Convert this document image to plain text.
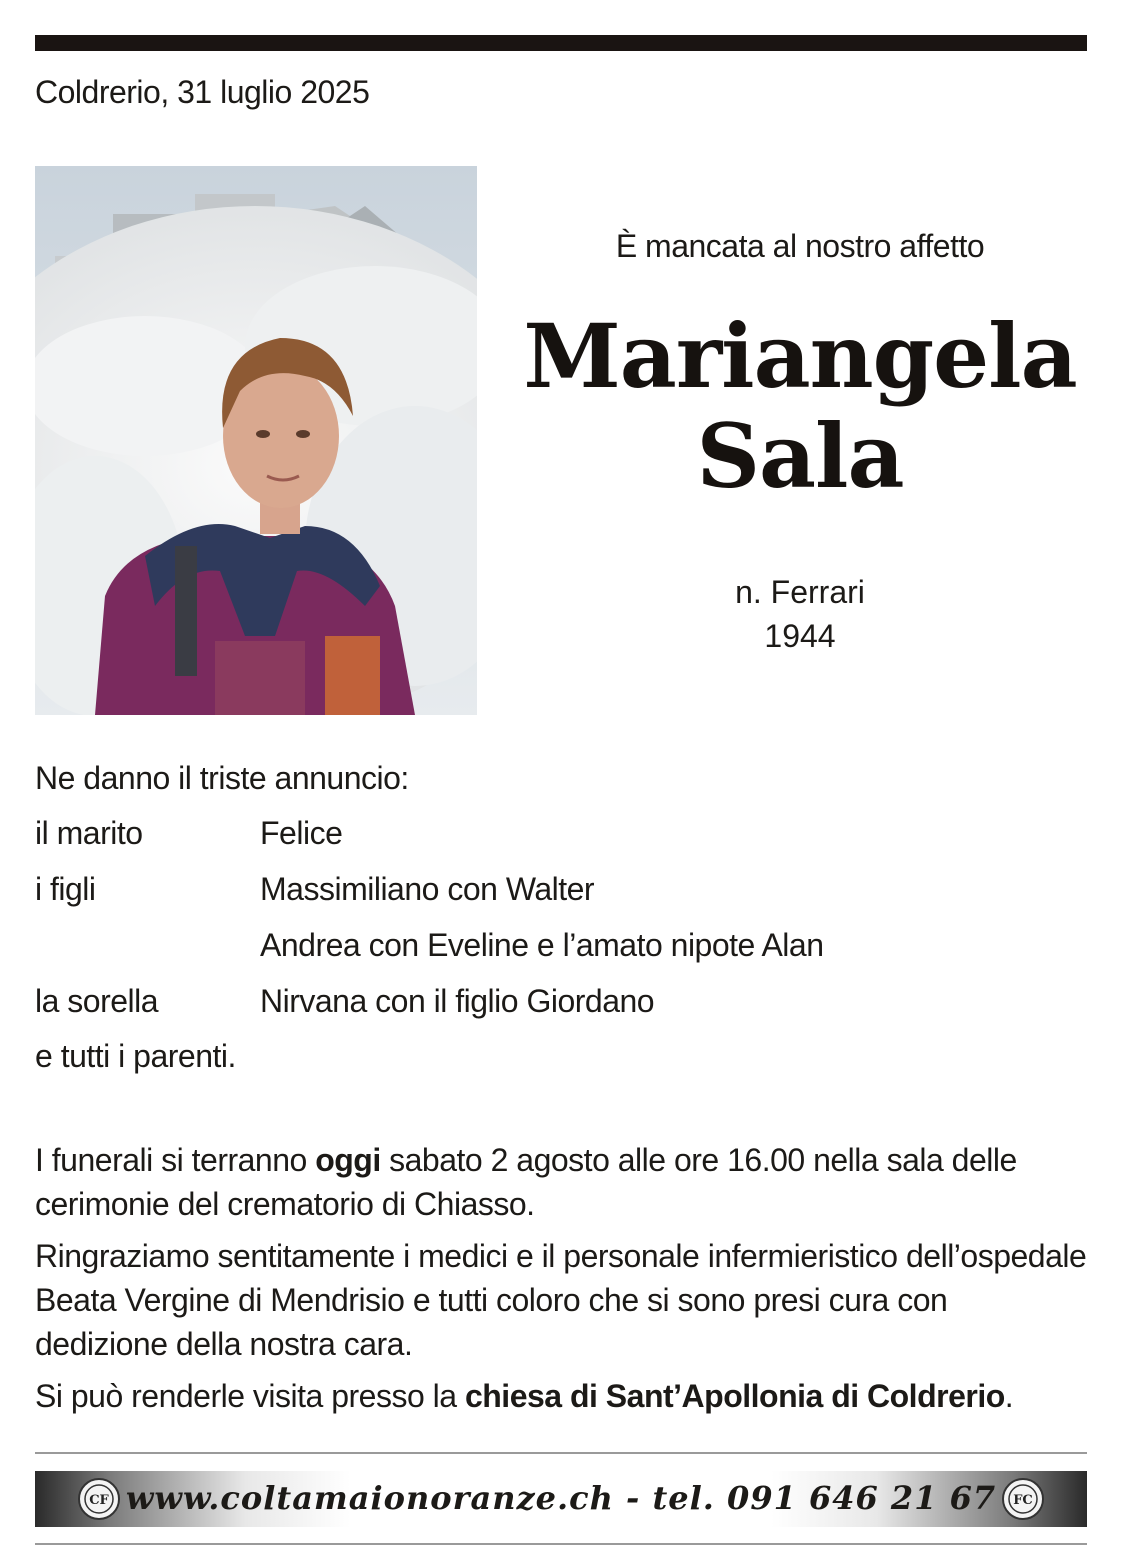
Coldrerio, 31 luglio 2025
È mancata al nostro affetto
Mariangela
Sala
n. Ferrari
1944
Ne danno il triste annuncio:
il marito	Felice
i figli	Massimiliano con Walter
Andrea con Eveline e l’amato nipote Alan
la sorella	Nirvana con il figlio Giordano
e tutti i parenti.

I funerali si terranno oggi sabato 2 agosto alle ore 16.00 nella sala delle cerimonie del crematorio di Chiasso.

Ringraziamo sentitamente i medici e il personale infermieristico dell’ospedale Beata Vergine di Mendrisio e tutti coloro che si sono presi cura con dedizione della nostra cara.

Si può renderle visita presso la chiesa di Sant’Apollonia di Coldrerio.

CF www.coltamaionoranze.ch - tel. 091 646 21 67	FC
